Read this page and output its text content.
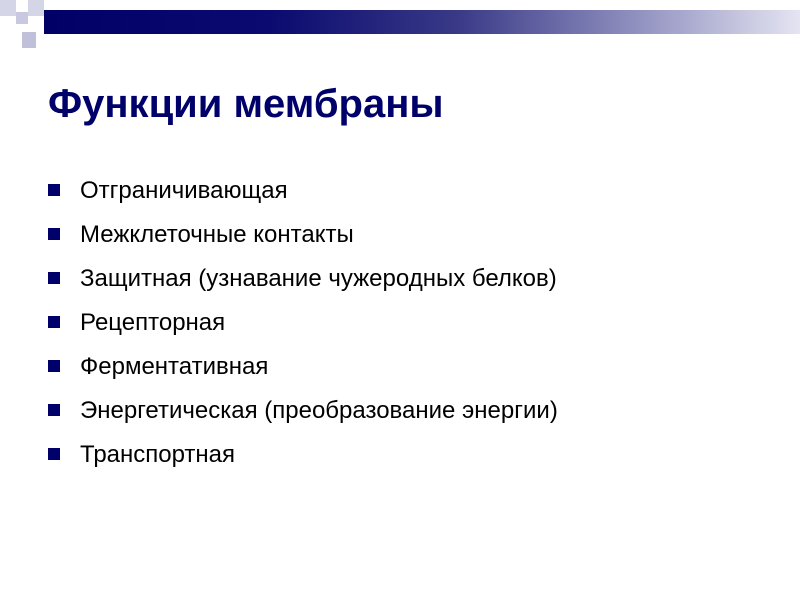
Функции мембраны
Отграничивающая
Межклеточные контакты
Защитная (узнавание чужеродных белков)
Рецепторная
Ферментативная
Энергетическая (преобразование энергии)
Транспортная
